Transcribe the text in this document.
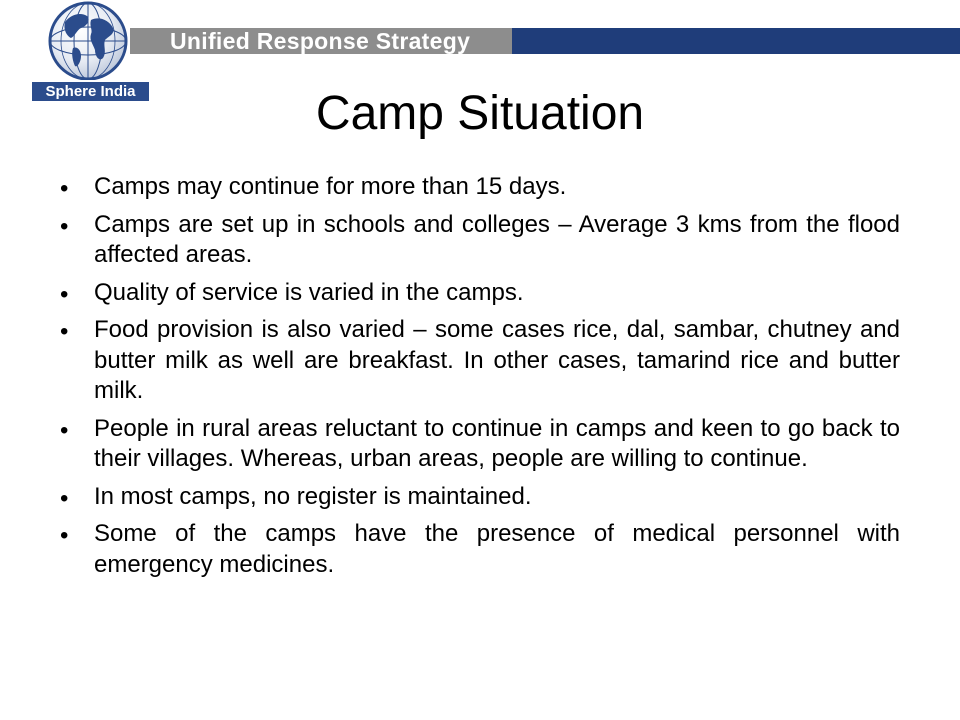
Unified Response Strategy
Sphere India	Camp Situation
• Camps may continue for more than 15 days.
• Camps are set up in schools and colleges – Average 3 kms from the flood affected areas.
• Quality of service is varied in the camps.
• Food provision is also varied – some cases rice, dal, sambar, chutney and butter milk as well are breakfast. In other cases, tamarind rice and butter milk.
• People in rural areas reluctant to continue in camps and keen to go back to their villages. Whereas, urban areas, people are willing to continue.
• In most camps, no register is maintained.
• Some of the camps have the presence of medical personnel with emergency medicines.
